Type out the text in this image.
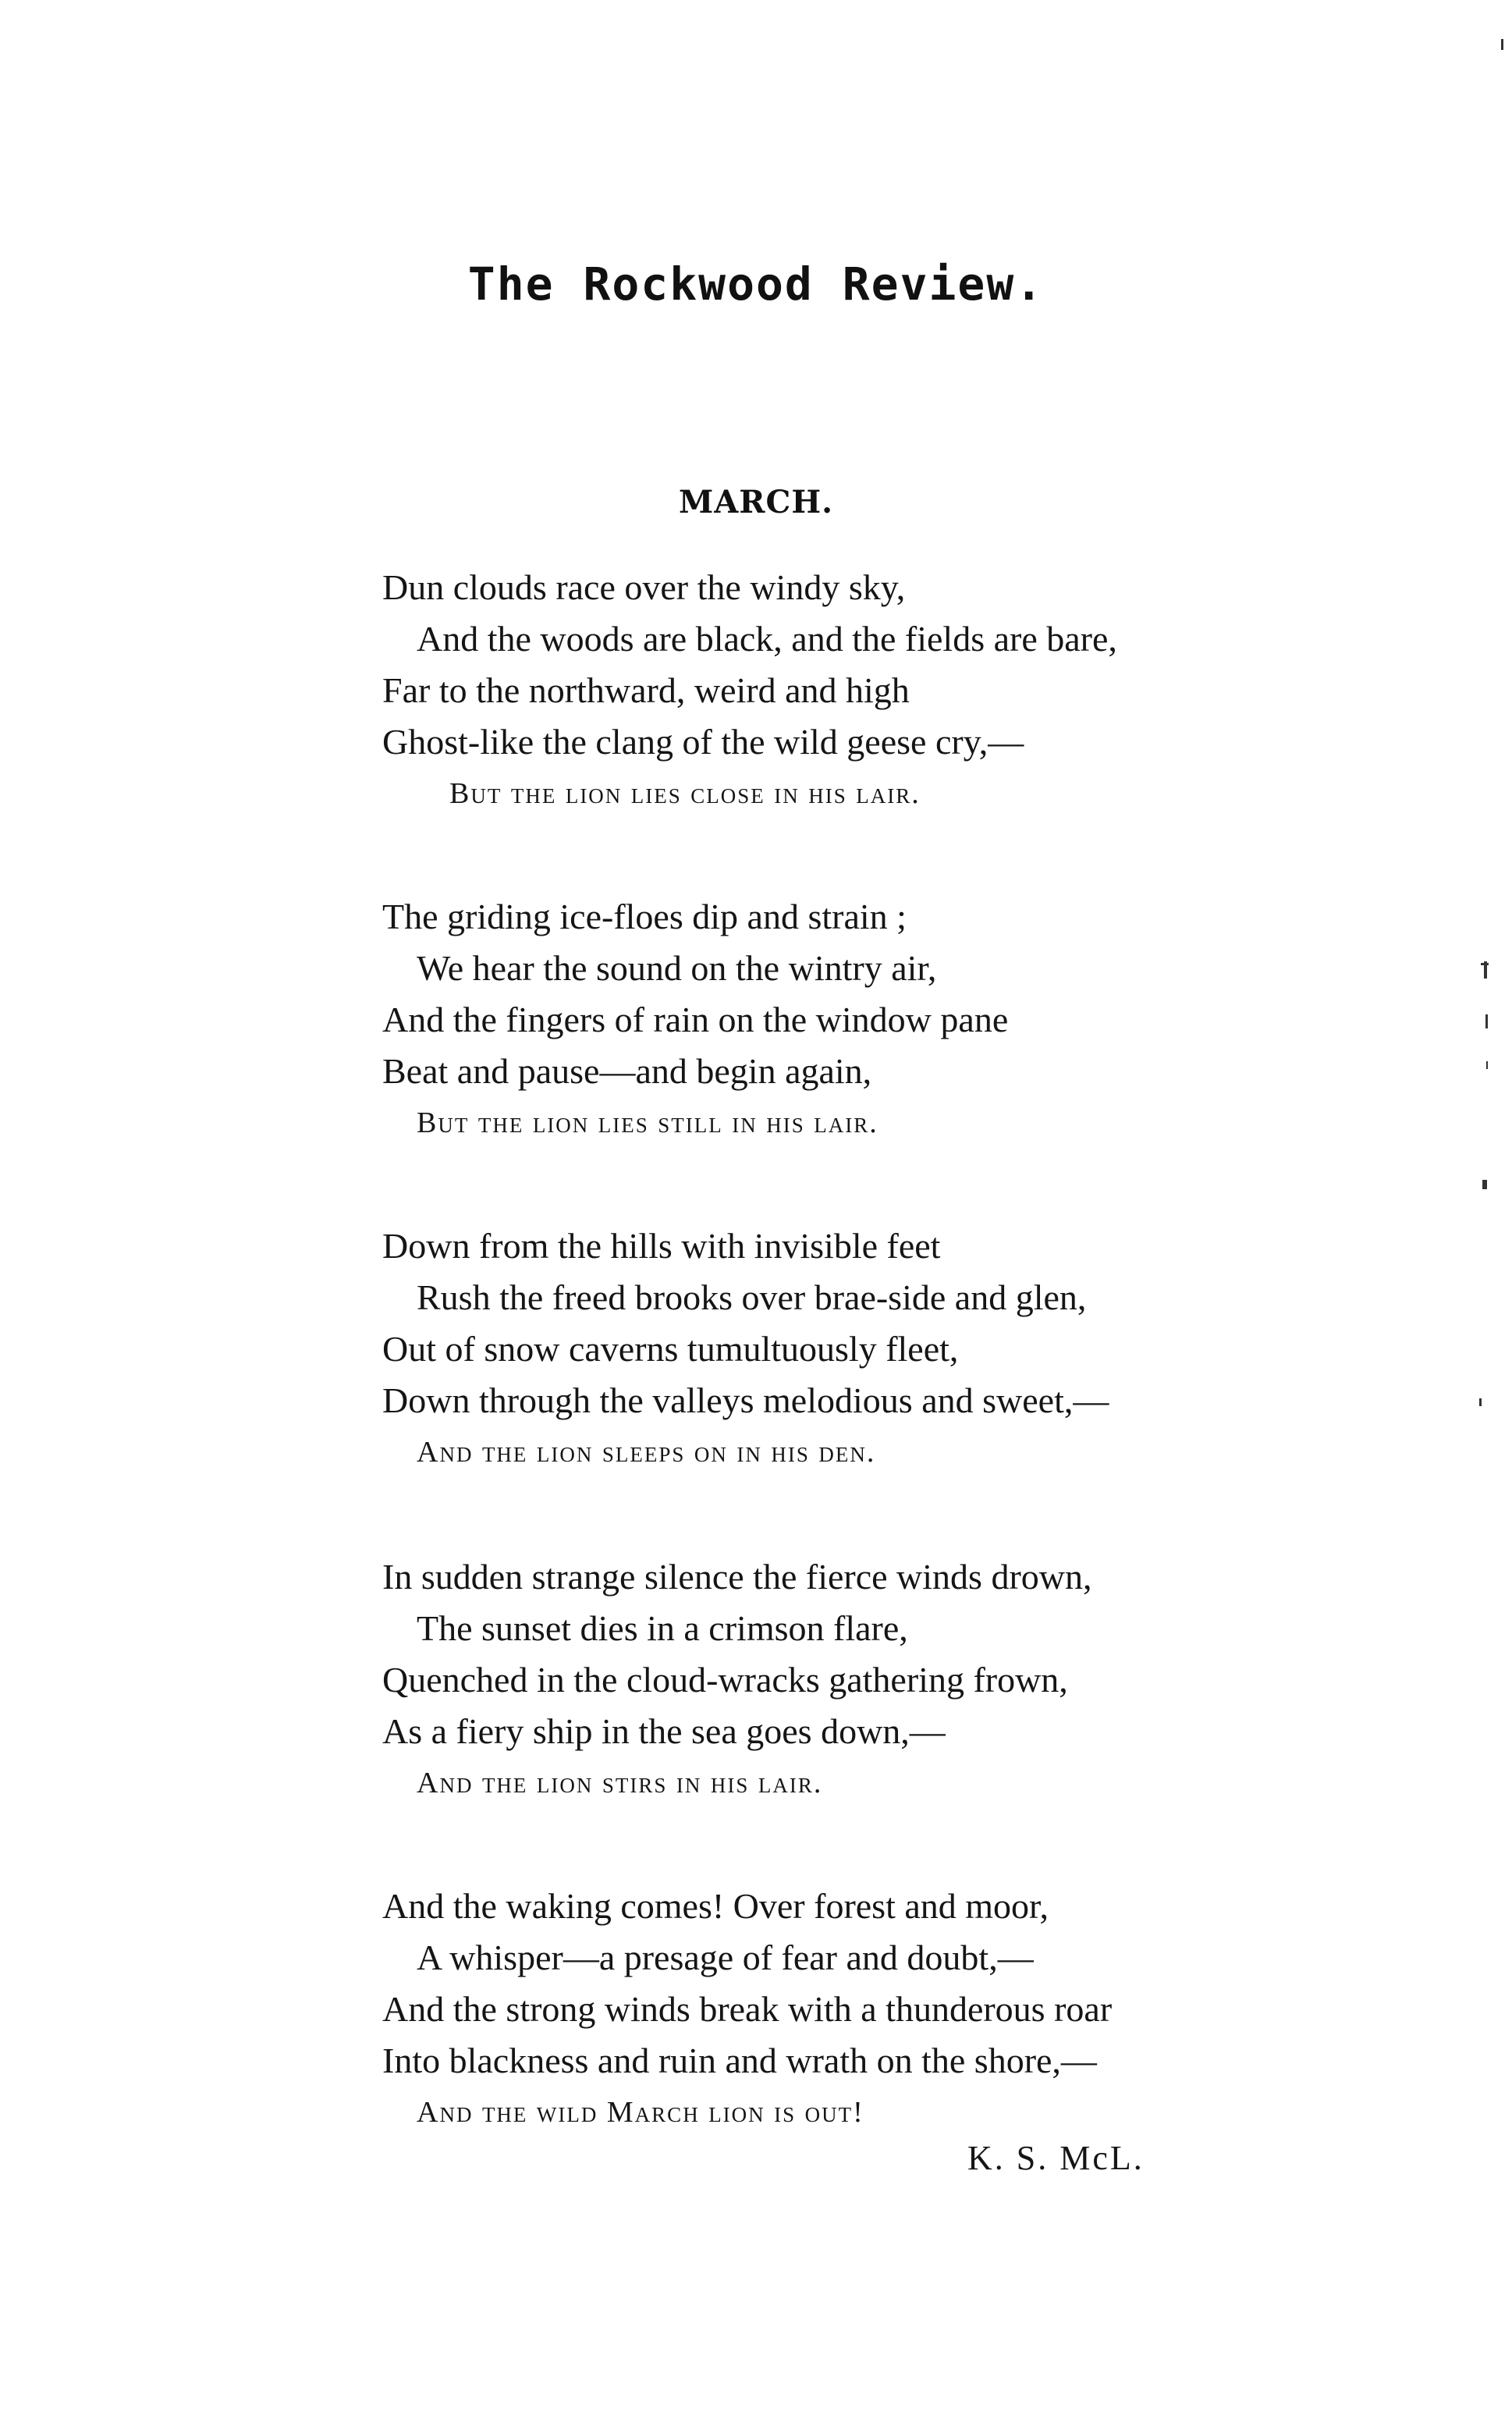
The Rockwood Review.
MARCH.
Dun clouds race over the windy sky,
And the woods are black, and the fields are bare,
Far to the northward, weird and high
Ghost-like the clang of the wild geese cry,—
But the lion lies close in his lair.
The griding ice-floes dip and strain ;
We hear the sound on the wintry air,
And the fingers of rain on the window pane
Beat and pause—and begin again,
But the lion lies still in his lair.
Down from the hills with invisible feet
Rush the freed brooks over brae-side and glen,
Out of snow caverns tumultuously fleet,
Down through the valleys melodious and sweet,—
And the lion sleeps on in his den.
In sudden strange silence the fierce winds drown,
The sunset dies in a crimson flare,
Quenched in the cloud-wracks gathering frown,
As a fiery ship in the sea goes down,—
And the lion stirs in his lair.
And the waking comes! Over forest and moor,
A whisper—a presage of fear and doubt,—
And the strong winds break with a thunderous roar
Into blackness and ruin and wrath on the shore,—
And the wild March lion is out!
K. S. McL.
